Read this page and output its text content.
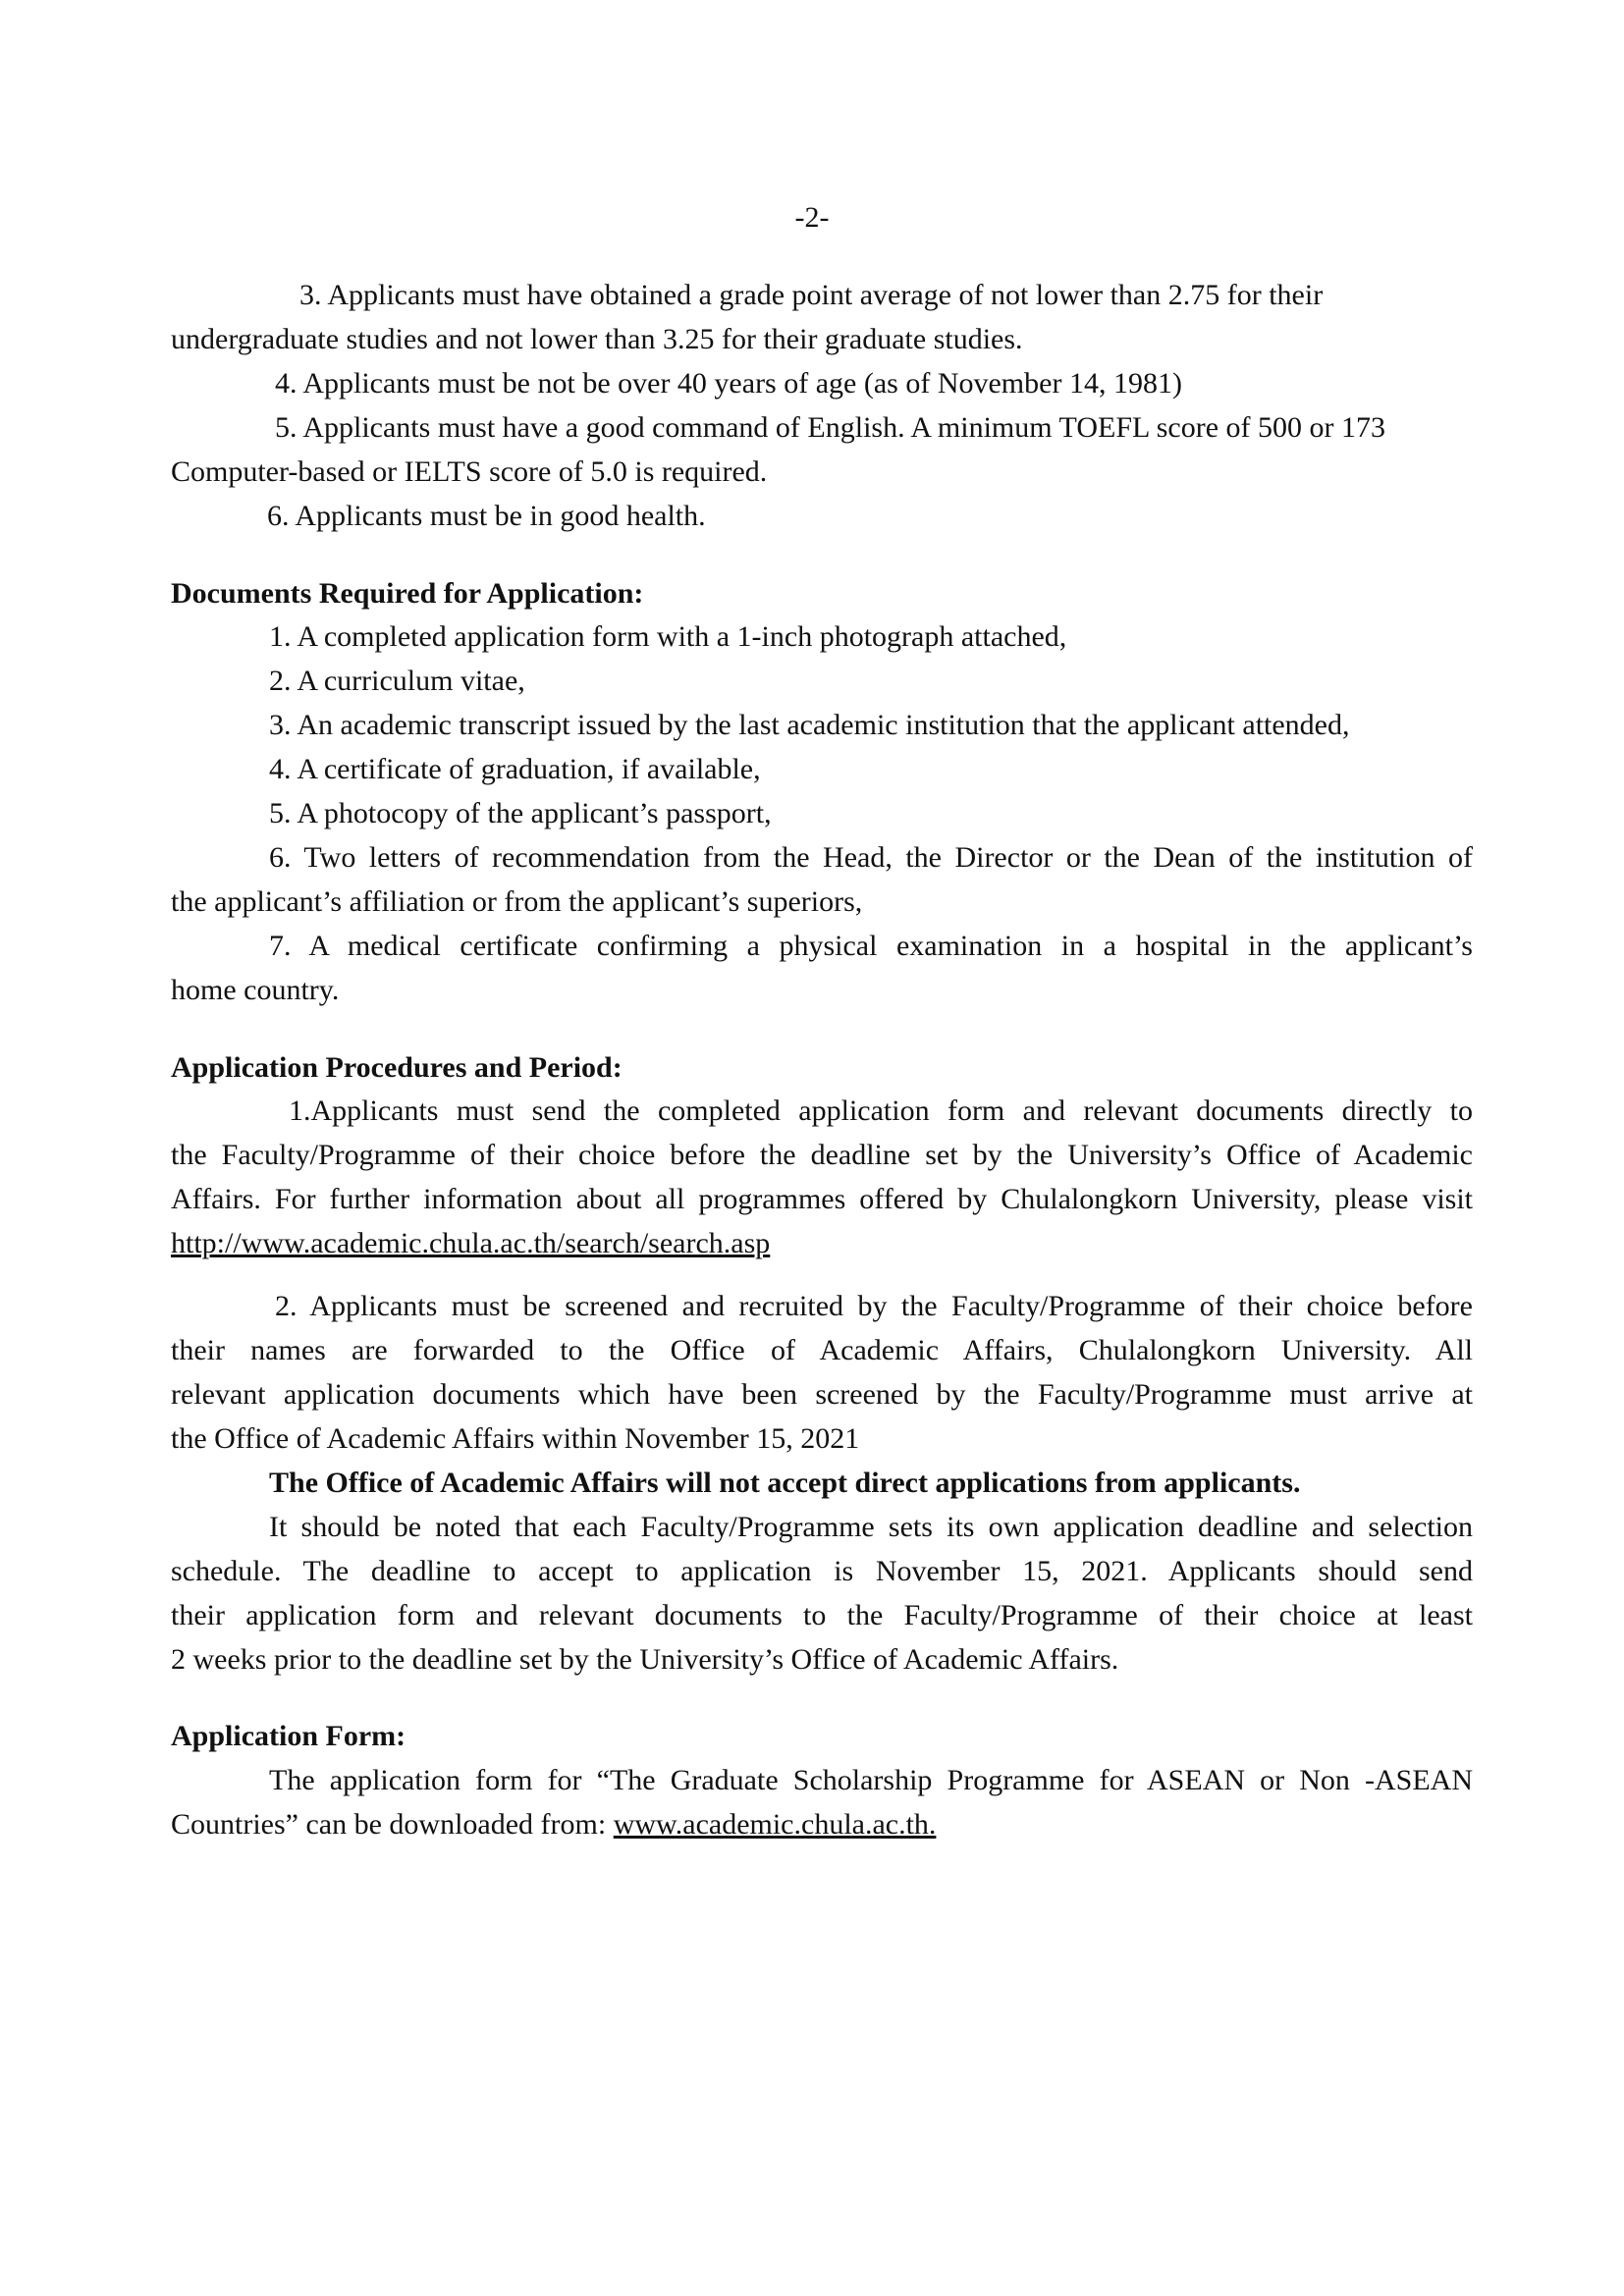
-2-
3. Applicants must have obtained a grade point average of not lower than 2.75 for their
undergraduate studies and not lower than 3.25 for their graduate studies.
4. Applicants must be not be over 40 years of age (as of November 14, 1981)
5. Applicants must have a good command of English. A minimum TOEFL score of 500 or 173
Computer-based or IELTS score of 5.0 is required.
6. Applicants must be in good health.
Documents Required for Application:
1. A completed application form with a 1-inch photograph attached,
2. A curriculum vitae,
3. An academic transcript issued by the last academic institution that the applicant attended,
4. A certificate of graduation, if available,
5. A photocopy of the applicant’s passport,
6. Two letters of recommendation from the Head, the Director or the Dean of the institution of
the applicant’s affiliation or from the applicant’s superiors,
7. A medical certificate confirming a physical examination in a hospital in the applicant’s
home country.
Application Procedures and Period:
1.Applicants must send the completed application form and relevant documents directly to
the Faculty/Programme of their choice before the deadline set by the University’s Office of Academic
Affairs. For further information about all programmes offered by Chulalongkorn University, please visit
http://www.academic.chula.ac.th/search/search.asp
2. Applicants must be screened and recruited by the Faculty/Programme of their choice before
their names are forwarded to the Office of Academic Affairs, Chulalongkorn University. All
relevant application documents which have been screened by the Faculty/Programme must arrive at
the Office of Academic Affairs within November 15, 2021
The Office of Academic Affairs will not accept direct applications from applicants.
It should be noted that each Faculty/Programme sets its own application deadline and selection
schedule. The deadline to accept to application is November 15, 2021. Applicants should send
their application form and relevant documents to the Faculty/Programme of their choice at least
2 weeks prior to the deadline set by the University’s Office of Academic Affairs.
Application Form:
The application form for “The Graduate Scholarship Programme for ASEAN or Non -ASEAN
Countries” can be downloaded from: www.academic.chula.ac.th.
